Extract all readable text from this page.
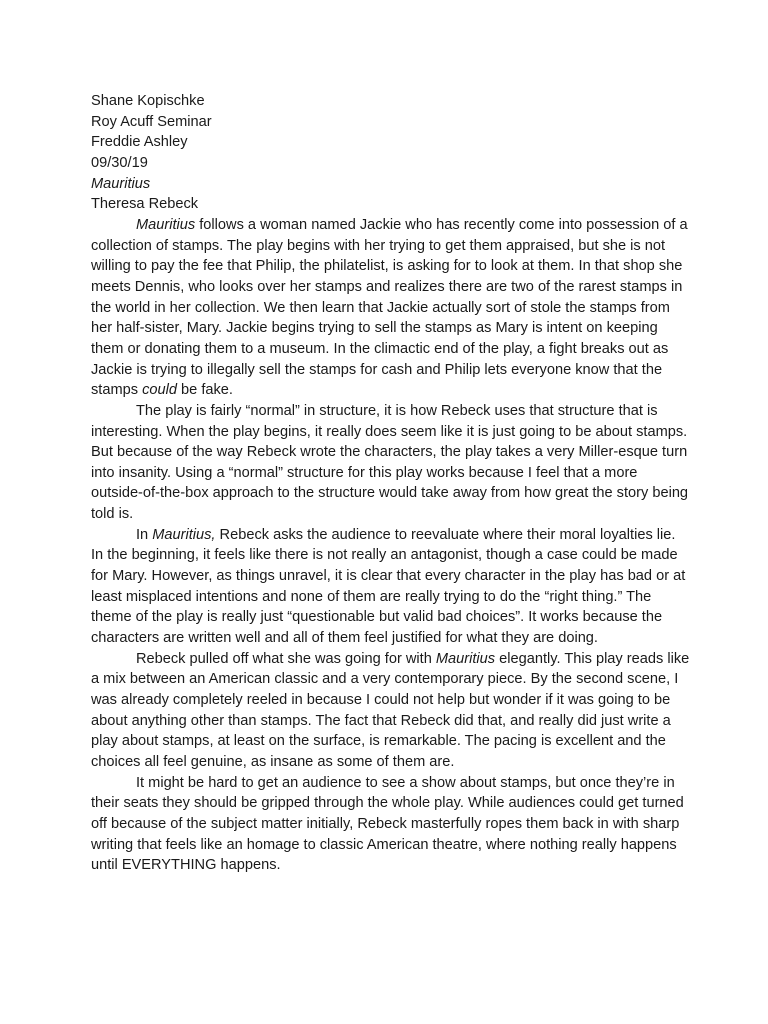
Shane Kopischke
Roy Acuff Seminar
Freddie Ashley
09/30/19
Mauritius
Theresa Rebeck

Mauritius follows a woman named Jackie who has recently come into possession of a collection of stamps. The play begins with her trying to get them appraised, but she is not willing to pay the fee that Philip, the philatelist, is asking for to look at them. In that shop she meets Dennis, who looks over her stamps and realizes there are two of the rarest stamps in the world in her collection. We then learn that Jackie actually sort of stole the stamps from her half-sister, Mary. Jackie begins trying to sell the stamps as Mary is intent on keeping them or donating them to a museum. In the climactic end of the play, a fight breaks out as Jackie is trying to illegally sell the stamps for cash and Philip lets everyone know that the stamps could be fake.

The play is fairly “normal” in structure, it is how Rebeck uses that structure that is interesting. When the play begins, it really does seem like it is just going to be about stamps. But because of the way Rebeck wrote the characters, the play takes a very Miller-esque turn into insanity. Using a “normal” structure for this play works because I feel that a more outside-of-the-box approach to the structure would take away from how great the story being told is.

In Mauritius, Rebeck asks the audience to reevaluate where their moral loyalties lie. In the beginning, it feels like there is not really an antagonist, though a case could be made for Mary. However, as things unravel, it is clear that every character in the play has bad or at least misplaced intentions and none of them are really trying to do the “right thing.” The theme of the play is really just “questionable but valid bad choices”. It works because the characters are written well and all of them feel justified for what they are doing.

Rebeck pulled off what she was going for with Mauritius elegantly. This play reads like a mix between an American classic and a very contemporary piece. By the second scene, I was already completely reeled in because I could not help but wonder if it was going to be about anything other than stamps. The fact that Rebeck did that, and really did just write a play about stamps, at least on the surface, is remarkable. The pacing is excellent and the choices all feel genuine, as insane as some of them are.

It might be hard to get an audience to see a show about stamps, but once they’re in their seats they should be gripped through the whole play. While audiences could get turned off because of the subject matter initially, Rebeck masterfully ropes them back in with sharp writing that feels like an homage to classic American theatre, where nothing really happens until EVERYTHING happens.
